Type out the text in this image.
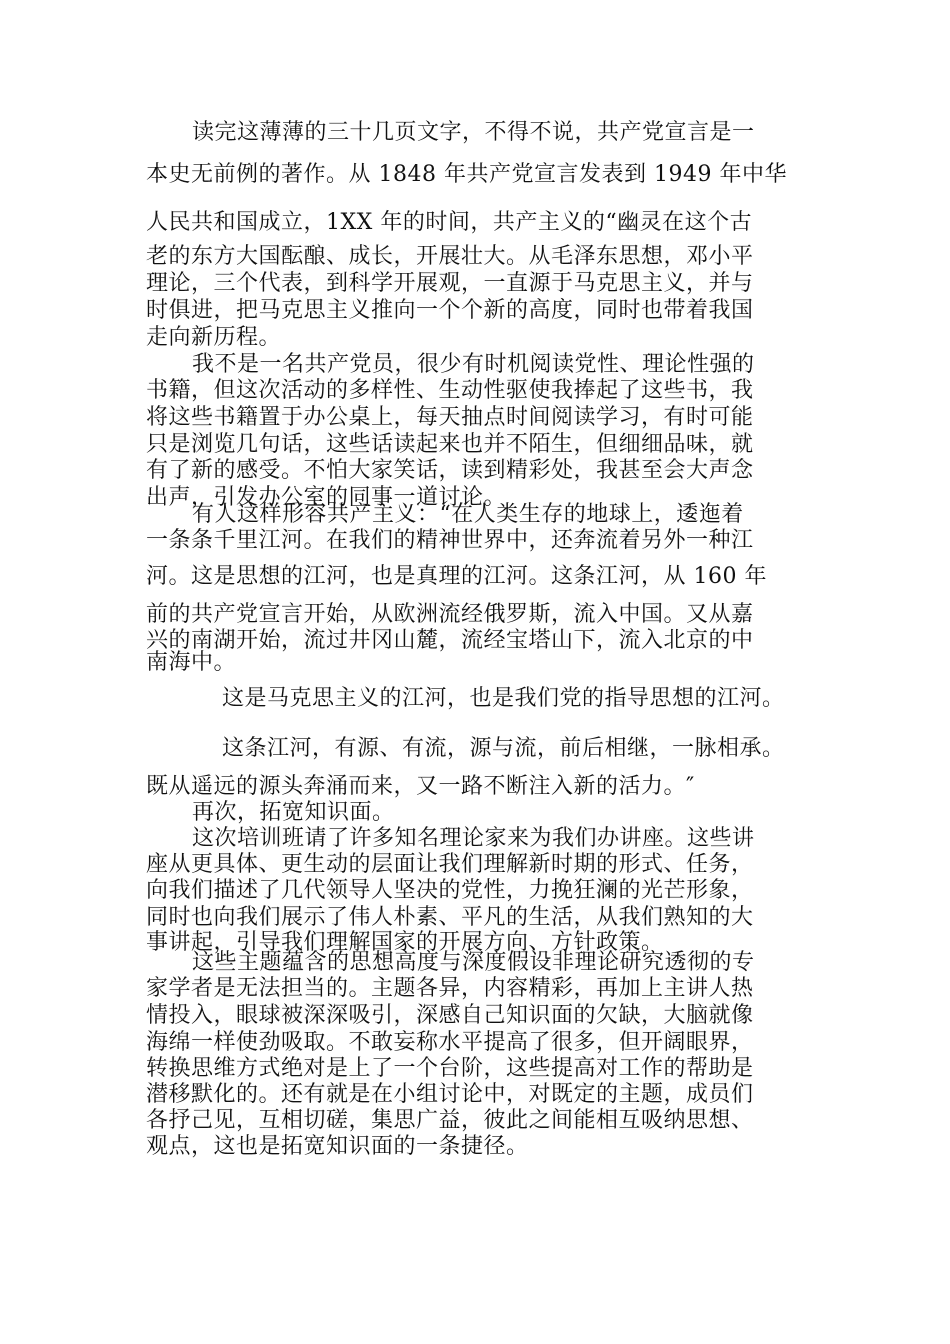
读完这薄薄的三十几页文字，不得不说，共产党宣言是一
本史无前例的著作。从 1848 年共产党宣言发表到 1949 年中华
人民共和国成立，1XX 年的时间，共产主义的“幽灵在这个古
老的东方大国酝酿、成长，开展壮大。从毛泽东思想，邓小平
理论，三个代表，到科学开展观，一直源于马克思主义，并与
时俱进，把马克思主义推向一个个新的高度，同时也带着我国
走向新历程。
我不是一名共产党员，很少有时机阅读党性、理论性强的
书籍，但这次活动的多样性、生动性驱使我捧起了这些书，我
将这些书籍置于办公桌上，每天抽点时间阅读学习，有时可能
只是浏览几句话，这些话读起来也并不陌生，但细细品味，就
有了新的感受。不怕大家笑话，读到精彩处，我甚至会大声念
出声，引发办公室的同事一道讨论。
有人这样形容共产主义：“在人类生存的地球上，逶迤着
一条条千里江河。在我们的精神世界中，还奔流着另外一种江
河。这是思想的江河，也是真理的江河。这条江河，从 160 年
前的共产党宣言开始，从欧洲流经俄罗斯，流入中国。又从嘉
兴的南湖开始，流过井冈山麓，流经宝塔山下，流入北京的中
南海中。
这是马克思主义的江河，也是我们党的指导思想的江河。
这条江河，有源、有流，源与流，前后相继，一脉相承。
既从遥远的源头奔涌而来，又一路不断注入新的活力。″
再次，拓宽知识面。
这次培训班请了许多知名理论家来为我们办讲座。这些讲
座从更具体、更生动的层面让我们理解新时期的形式、任务，
向我们描述了几代领导人坚决的党性，力挽狂澜的光芒形象，
同时也向我们展示了伟人朴素、平凡的生活，从我们熟知的大
事讲起，引导我们理解国家的开展方向、方针政策。
这些主题蕴含的思想高度与深度假设非理论研究透彻的专
家学者是无法担当的。主题各异，内容精彩，再加上主讲人热
情投入，眼球被深深吸引，深感自己知识面的欠缺，大脑就像
海绵一样使劲吸取。不敢妄称水平提高了很多，但开阔眼界，
转换思维方式绝对是上了一个台阶，这些提高对工作的帮助是
潜移默化的。还有就是在小组讨论中，对既定的主题，成员们
各抒己见，互相切磋，集思广益，彼此之间能相互吸纳思想、
观点，这也是拓宽知识面的一条捷径。
